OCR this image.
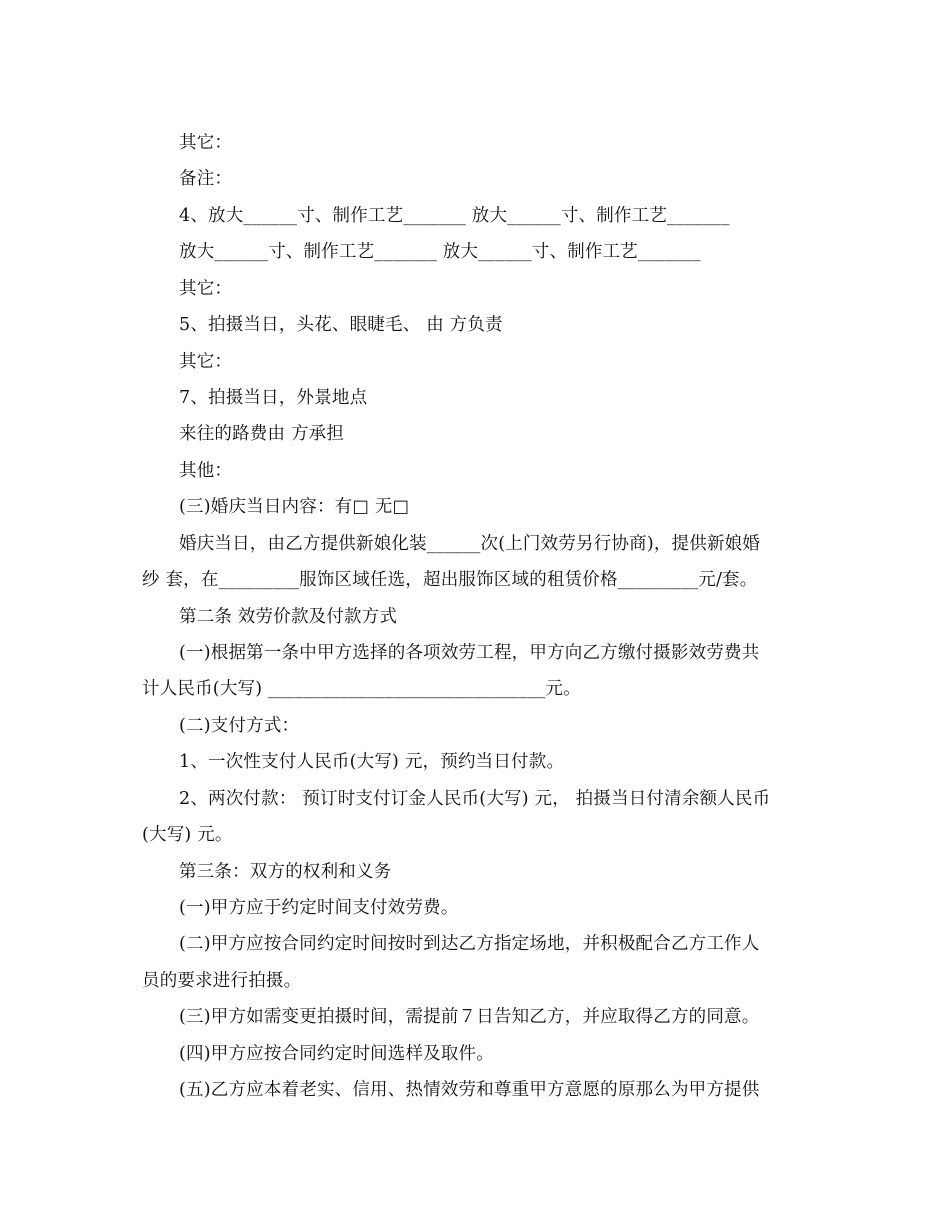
其它：
备注：
4、放大______寸、制作工艺_______ 放大______寸、制作工艺_______
放大______寸、制作工艺_______ 放大______寸、制作工艺_______
其它：
5、拍摄当日，头花、眼睫毛、 由 方负责
其它：
7、拍摄当日，外景地点
来往的路费由 方承担
其他：
(三)婚庆当日内容：有□ 无□
婚庆当日，由乙方提供新娘化装______次(上门效劳另行协商)，提供新娘婚
纱 套，在_________服饰区域任选，超出服饰区域的租赁价格_________元/套。
第二条 效劳价款及付款方式
(一)根据第一条中甲方选择的各项效劳工程，甲方向乙方缴付摄影效劳费共
计人民币(大写) _______________________________元。
(二)支付方式：
1、一次性支付人民币(大写) 元，预约当日付款。
2、两次付款： 预订时支付订金人民币(大写) 元， 拍摄当日付清余额人民币
(大写) 元。
第三条：双方的权利和义务
(一)甲方应于约定时间支付效劳费。
(二)甲方应按合同约定时间按时到达乙方指定场地，并积极配合乙方工作人
员的要求进行拍摄。
(三)甲方如需变更拍摄时间，需提前７日告知乙方，并应取得乙方的同意。
(四)甲方应按合同约定时间选样及取件。
(五)乙方应本着老实、信用、热情效劳和尊重甲方意愿的原那么为甲方提供
